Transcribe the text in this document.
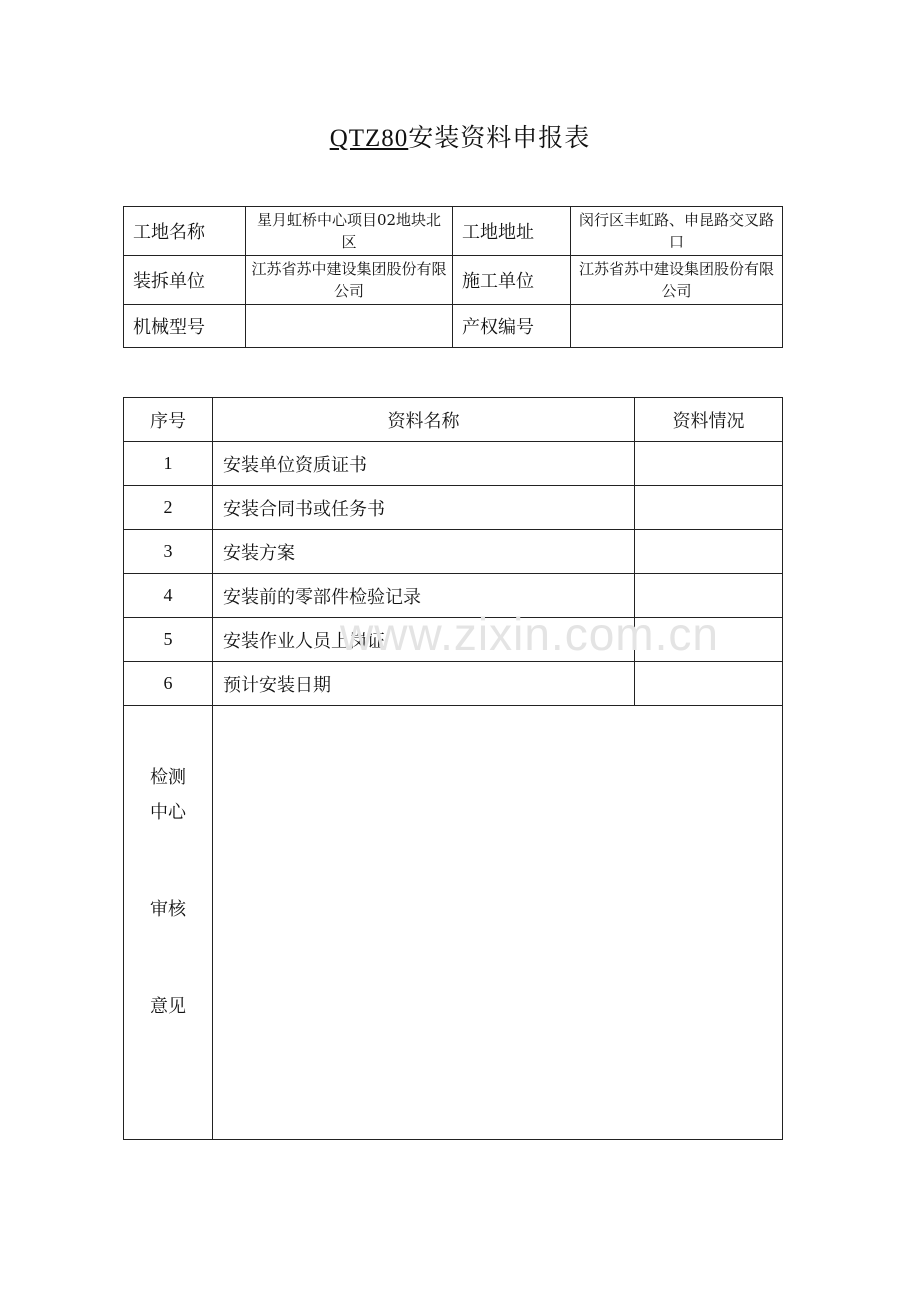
QTZ80安装资料申报表
工地名称	星月虹桥中心项目02地块北区	工地地址	闵行区丰虹路、申昆路交叉路口
装拆单位	江苏省苏中建设集团股份有限公司	施工单位	江苏省苏中建设集团股份有限公司
机械型号		产权编号	
序号	资料名称	资料情况
1	安装单位资质证书	
2	安装合同书或任务书	
3	安装方案	
4	安装前的零部件检验记录	
5	安装作业人员上岗证	
6	预计安装日期	

检测
中心
审核
意见		

www.zixin.com.cn
